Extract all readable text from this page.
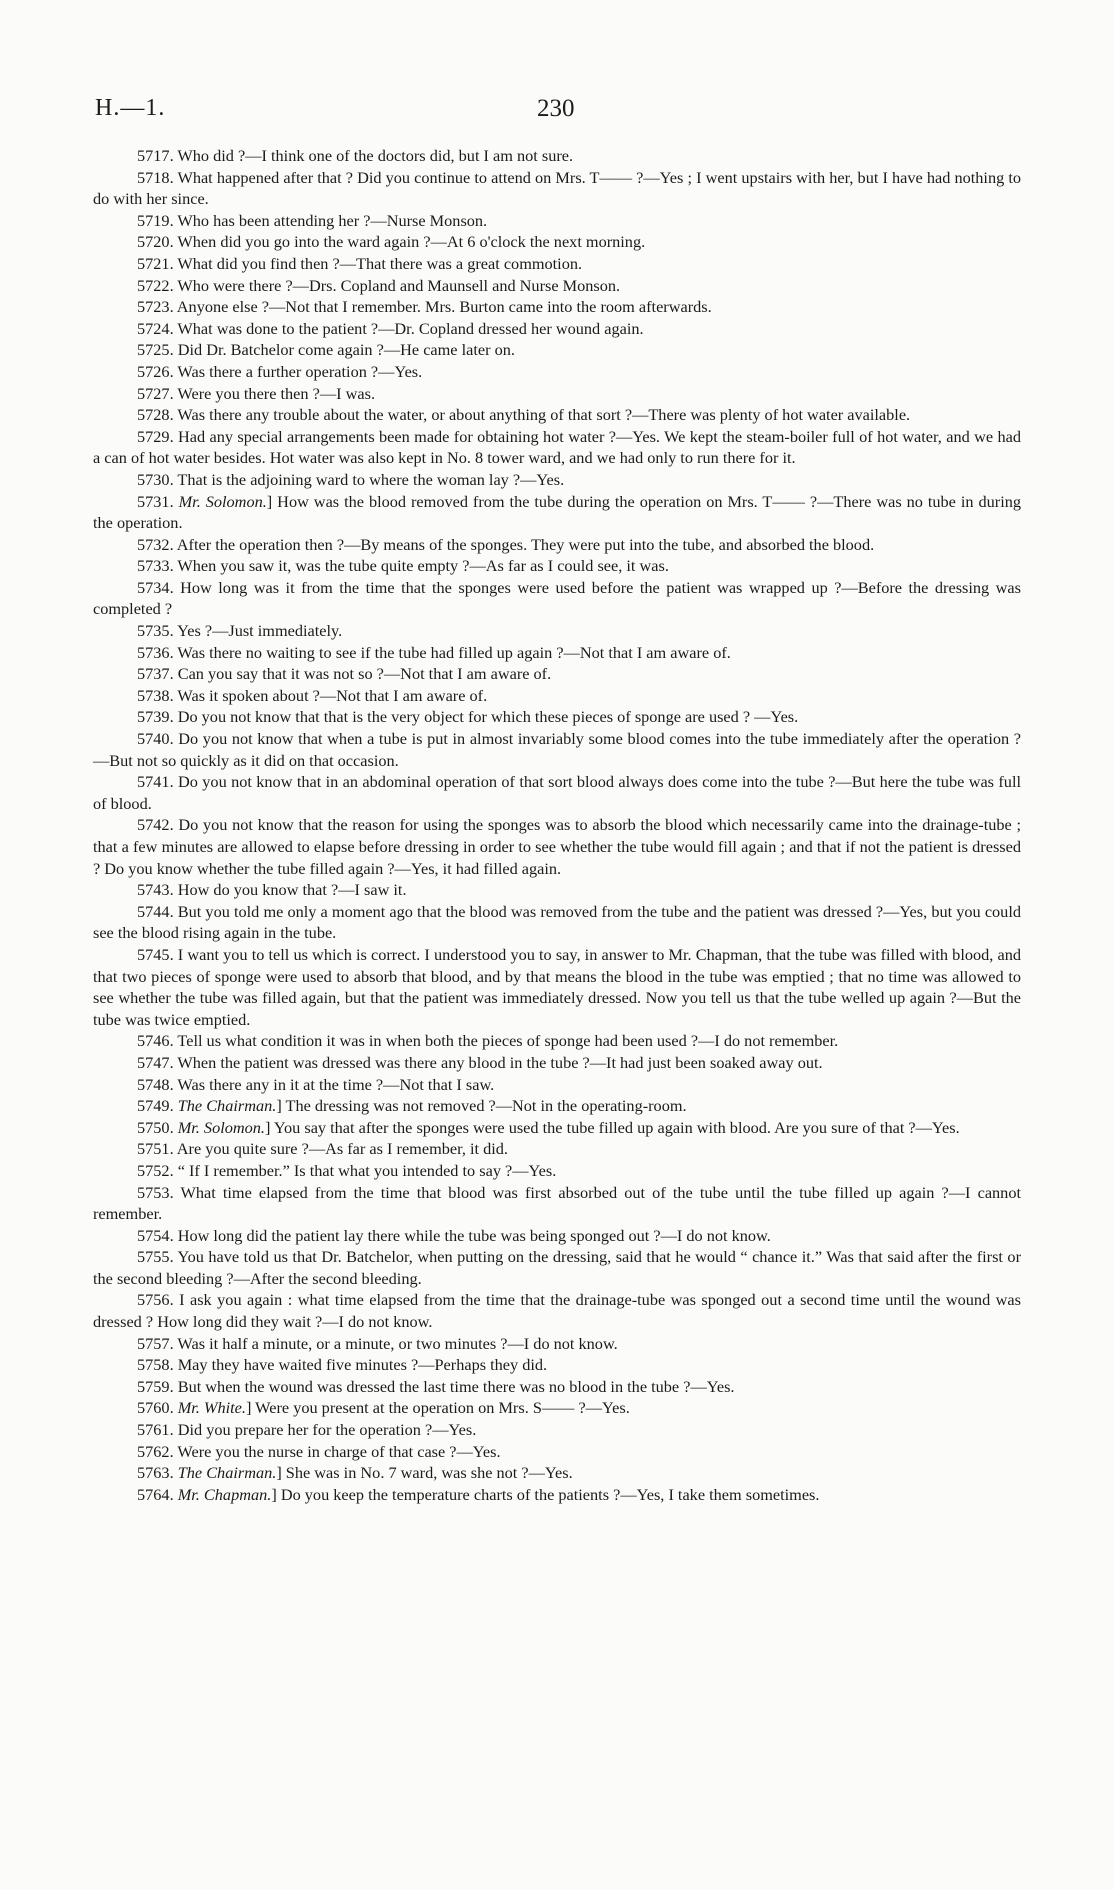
H.—1.	230

5717. Who did ?—I think one of the doctors did, but I am not sure.

5718. What happened after that ? Did you continue to attend on Mrs. T—— ?—Yes ; I went upstairs with her, but I have had nothing to do with her since.

5719. Who has been attending her ?—Nurse Monson.

5720. When did you go into the ward again ?—At 6 o'clock the next morning.

5721. What did you find then ?—That there was a great commotion.

5722. Who were there ?—Drs. Copland and Maunsell and Nurse Monson.

5723. Anyone else ?—Not that I remember. Mrs. Burton came into the room afterwards.

5724. What was done to the patient ?—Dr. Copland dressed her wound again.

5725. Did Dr. Batchelor come again ?—He came later on.

5726. Was there a further operation ?—Yes.

5727. Were you there then ?—I was.

5728. Was there any trouble about the water, or about anything of that sort ?—There was plenty of hot water available.

5729. Had any special arrangements been made for obtaining hot water ?—Yes. We kept the steam-boiler full of hot water, and we had a can of hot water besides. Hot water was also kept in No. 8 tower ward, and we had only to run there for it.

5730. That is the adjoining ward to where the woman lay ?—Yes.

5731. Mr. Solomon.] How was the blood removed from the tube during the operation on Mrs. T—— ?—There was no tube in during the operation.

5732. After the operation then ?—By means of the sponges. They were put into the tube, and absorbed the blood.

5733. When you saw it, was the tube quite empty ?—As far as I could see, it was.

5734. How long was it from the time that the sponges were used before the patient was wrapped up ?—Before the dressing was completed ?

5735. Yes ?—Just immediately.

5736. Was there no waiting to see if the tube had filled up again ?—Not that I am aware of.

5737. Can you say that it was not so ?—Not that I am aware of.

5738. Was it spoken about ?—Not that I am aware of.

5739. Do you not know that that is the very object for which these pieces of sponge are used ? —Yes.

5740. Do you not know that when a tube is put in almost invariably some blood comes into the tube immediately after the operation ?—But not so quickly as it did on that occasion.

5741. Do you not know that in an abdominal operation of that sort blood always does come into the tube ?—But here the tube was full of blood.

5742. Do you not know that the reason for using the sponges was to absorb the blood which necessarily came into the drainage-tube ; that a few minutes are allowed to elapse before dressing in order to see whether the tube would fill again ; and that if not the patient is dressed ? Do you know whether the tube filled again ?—Yes, it had filled again.

5743. How do you know that ?—I saw it.

5744. But you told me only a moment ago that the blood was removed from the tube and the patient was dressed ?—Yes, but you could see the blood rising again in the tube.

5745. I want you to tell us which is correct. I understood you to say, in answer to Mr. Chapman, that the tube was filled with blood, and that two pieces of sponge were used to absorb that blood, and by that means the blood in the tube was emptied ; that no time was allowed to see whether the tube was filled again, but that the patient was immediately dressed. Now you tell us that the tube welled up again ?—But the tube was twice emptied.

5746. Tell us what condition it was in when both the pieces of sponge had been used ?—I do not remember.

5747. When the patient was dressed was there any blood in the tube ?—It had just been soaked away out.

5748. Was there any in it at the time ?—Not that I saw.

5749. The Chairman.] The dressing was not removed ?—Not in the operating-room.

5750. Mr. Solomon.] You say that after the sponges were used the tube filled up again with blood. Are you sure of that ?—Yes.

5751. Are you quite sure ?—As far as I remember, it did.

5752. “ If I remember.” Is that what you intended to say ?—Yes.

5753. What time elapsed from the time that blood was first absorbed out of the tube until the tube filled up again ?—I cannot remember.

5754. How long did the patient lay there while the tube was being sponged out ?—I do not know.

5755. You have told us that Dr. Batchelor, when putting on the dressing, said that he would “ chance it.” Was that said after the first or the second bleeding ?—After the second bleeding.

5756. I ask you again : what time elapsed from the time that the drainage-tube was sponged out a second time until the wound was dressed ? How long did they wait ?—I do not know.

5757. Was it half a minute, or a minute, or two minutes ?—I do not know.

5758. May they have waited five minutes ?—Perhaps they did.

5759. But when the wound was dressed the last time there was no blood in the tube ?—Yes.

5760. Mr. White.] Were you present at the operation on Mrs. S—— ?—Yes.

5761. Did you prepare her for the operation ?—Yes.

5762. Were you the nurse in charge of that case ?—Yes.

5763. The Chairman.] She was in No. 7 ward, was she not ?—Yes.

5764. Mr. Chapman.] Do you keep the temperature charts of the patients ?—Yes, I take them sometimes.
